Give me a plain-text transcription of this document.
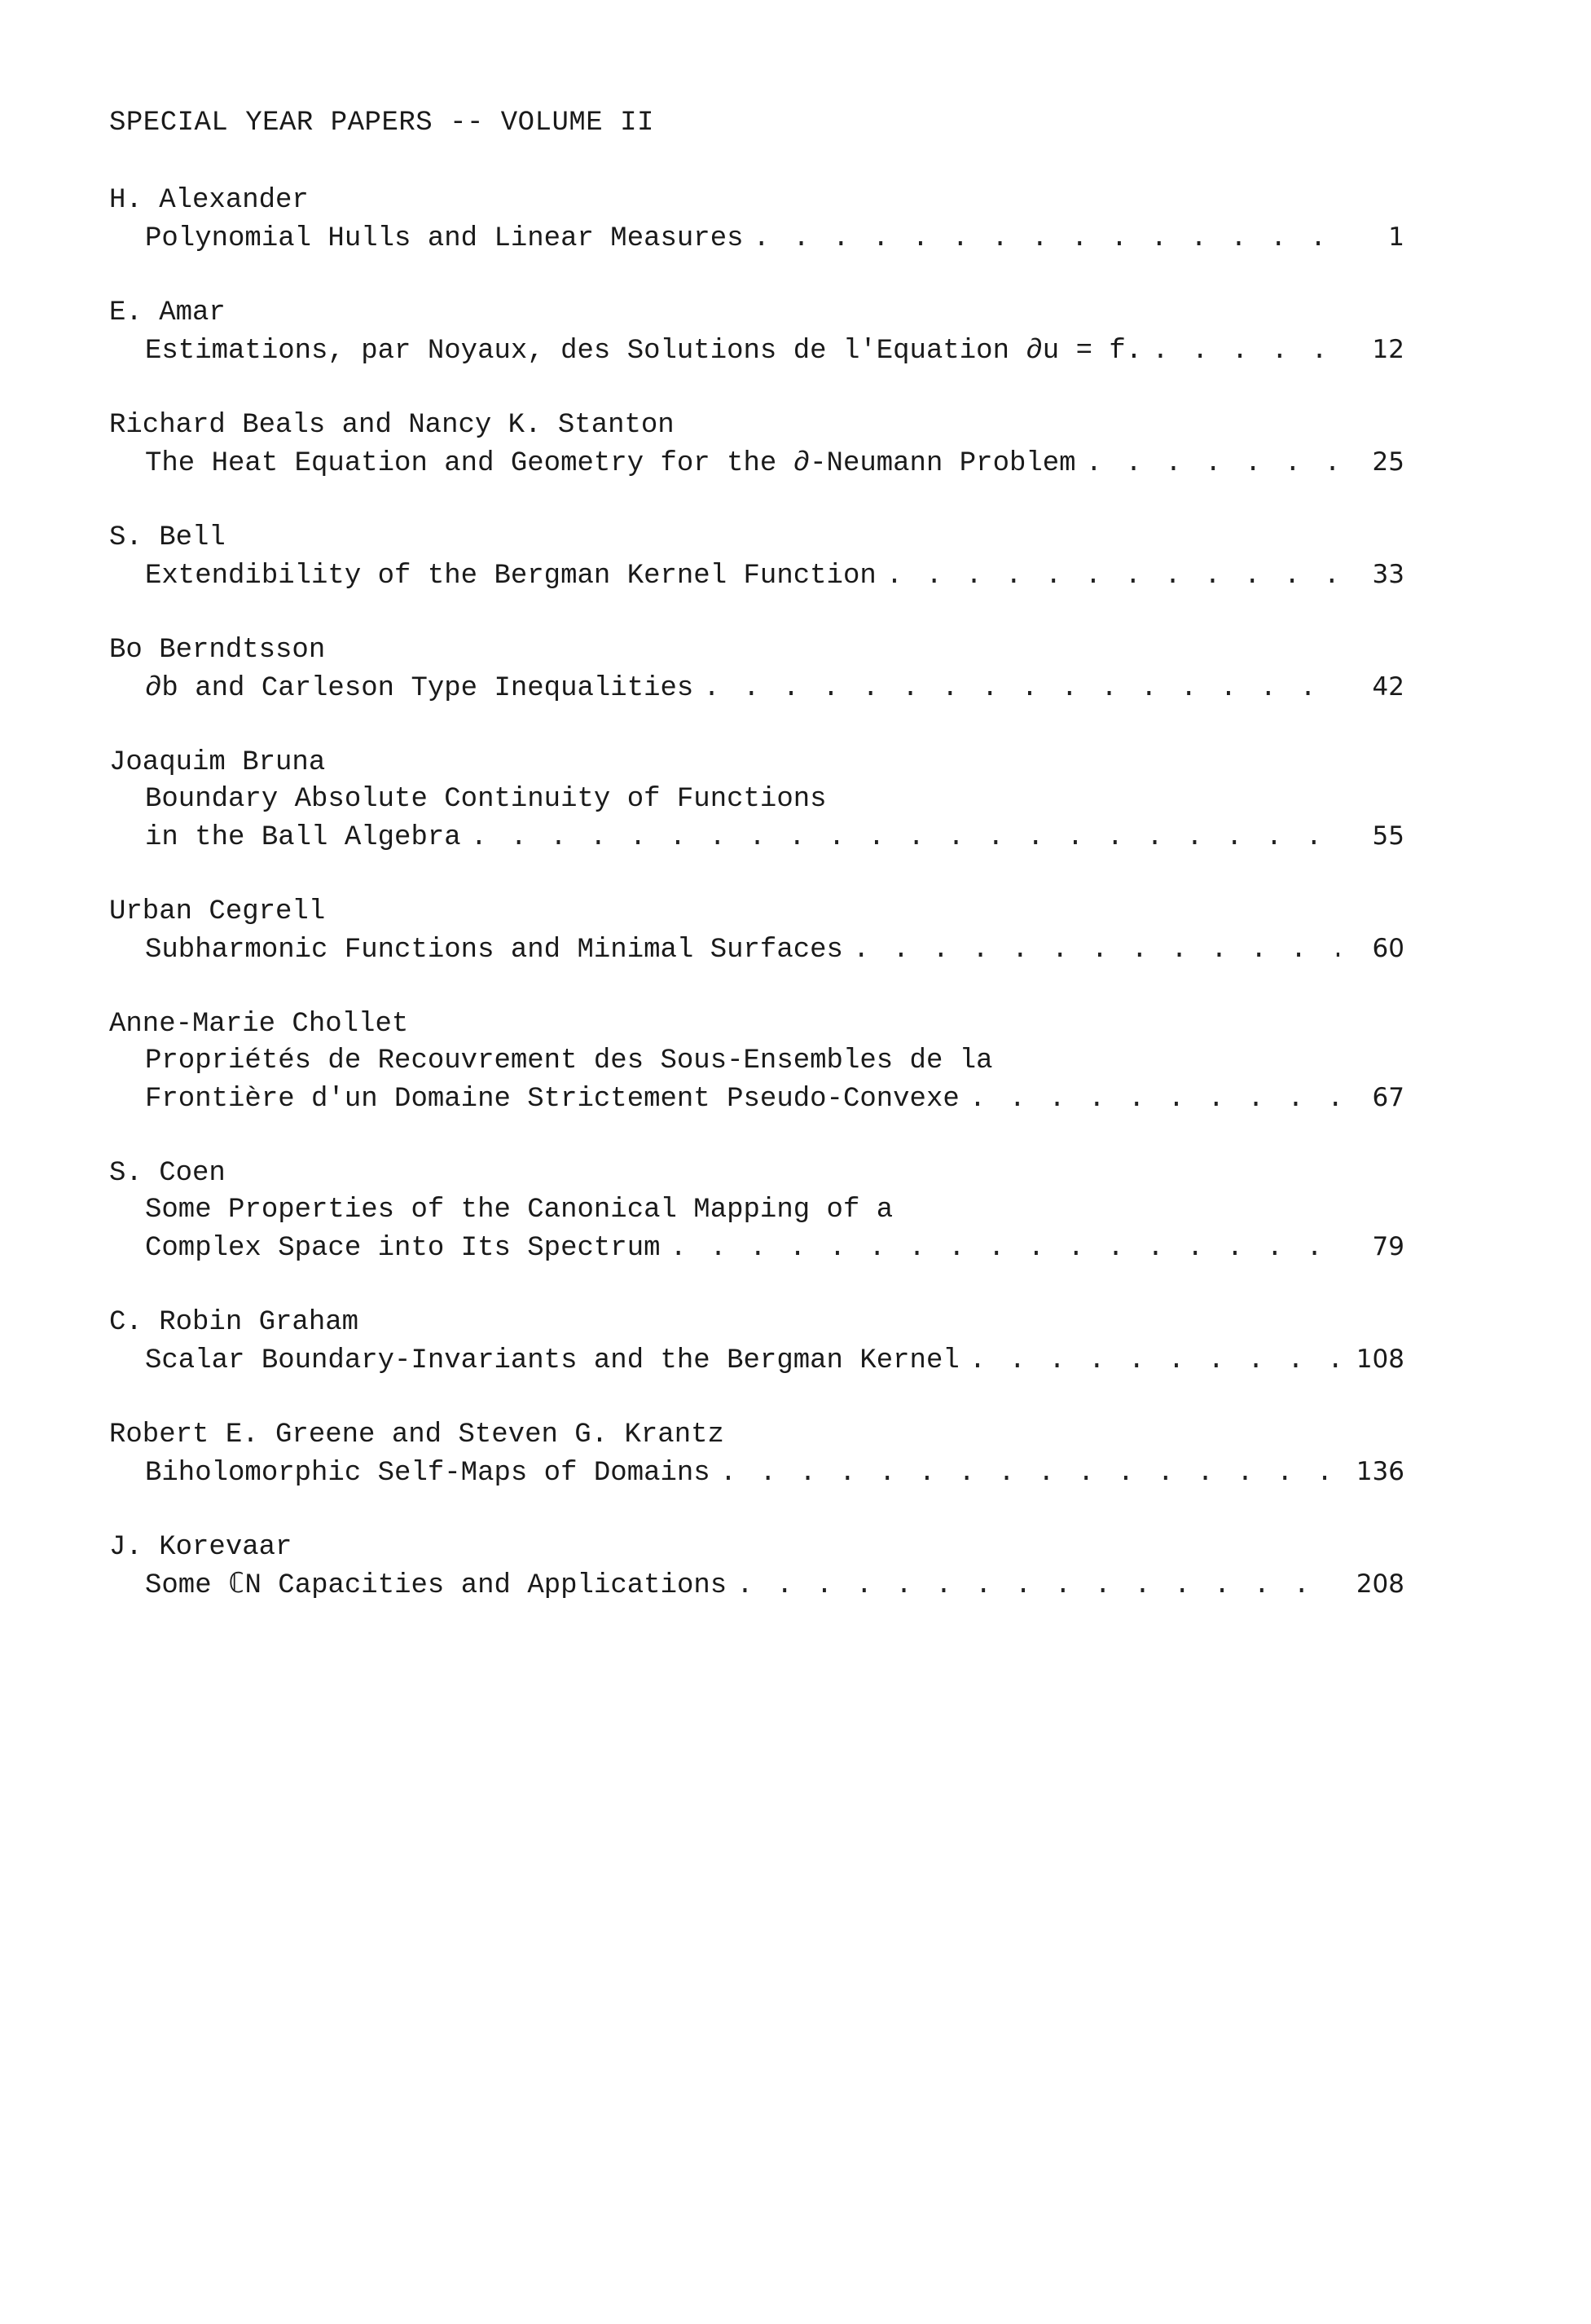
SPECIAL YEAR PAPERS -- VOLUME II
H. Alexander
Polynomial Hulls and Linear Measures . . .	1
E. Amar
Estimations, par Noyaux, des Solutions de l'Equation ∂u = f. . . .	12
Richard Beals and Nancy K. Stanton
The Heat Equation and Geometry for the ∂-Neumann Problem . . .	25
S. Bell
Extendibility of the Bergman Kernel Function . . .	33
Bo Berndtsson
∂b and Carleson Type Inequalities . . .	42
Joaquim Bruna
Boundary Absolute Continuity of Functions
in the Ball Algebra . . .	55
Urban Cegrell
Subharmonic Functions and Minimal Surfaces . . .	60
Anne-Marie Chollet
Propriétés de Recouvrement des Sous-Ensembles de la
Frontière d'un Domaine Strictement Pseudo-Convexe . . .	67
S. Coen
Some Properties of the Canonical Mapping of a
Complex Space into Its Spectrum . . .	79
C. Robin Graham
Scalar Boundary-Invariants and the Bergman Kernel . . .	108
Robert E. Greene and Steven G. Krantz
Biholomorphic Self-Maps of Domains . . .	136
J. Korevaar
Some ℂN Capacities and Applications . . .	208
